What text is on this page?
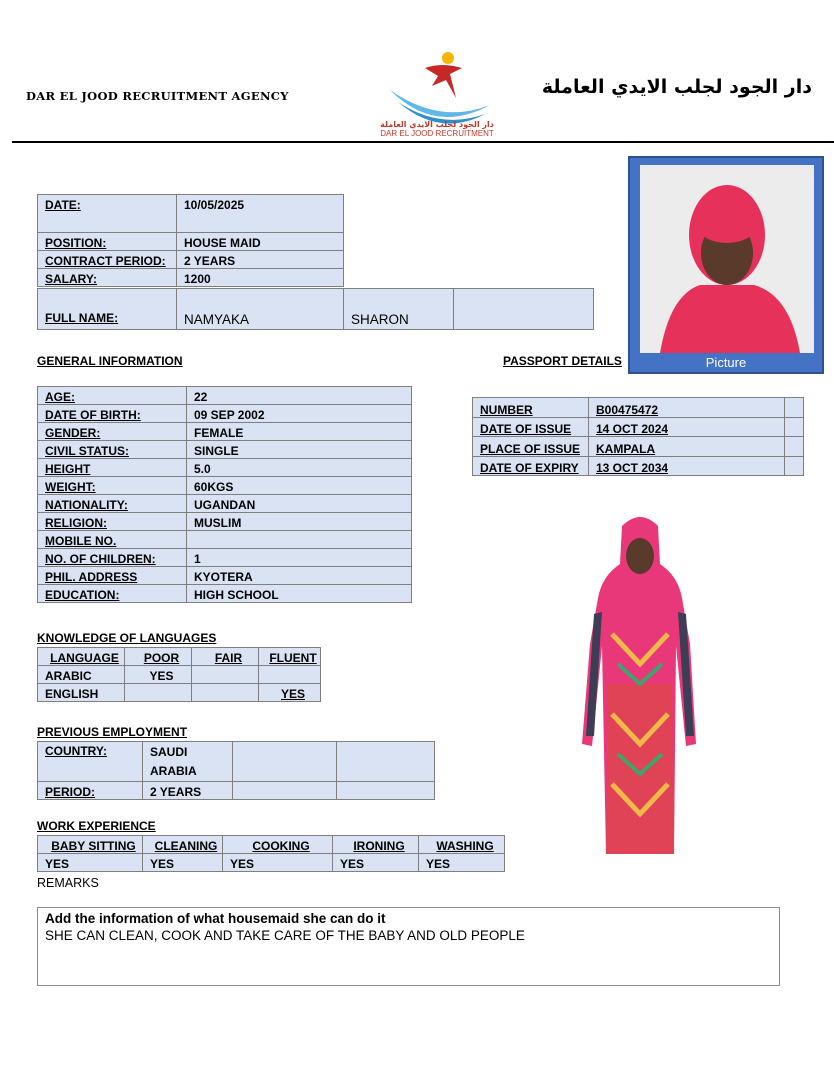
DAR EL JOOD RECRUITMENT AGENCY	دار الجود لجلب الايدي العاملة
دار الجود لجلب الايدي العاملة
DAR EL JOOD RECRUITMENT
DATE:	10/05/2025
POSITION:	HOUSE MAID
CONTRACT PERIOD:	2 YEARS
SALARY:	1200
FULL NAME:	NAMYAKA	SHARON	
Picture
GENERAL INFORMATION
AGE:	22
DATE OF BIRTH:	09 SEP 2002
GENDER:	FEMALE
CIVIL STATUS:	SINGLE
HEIGHT	5.0
WEIGHT:	60KGS
NATIONALITY:	UGANDAN
RELIGION:	MUSLIM
MOBILE NO.	
NO. OF CHILDREN:	1
PHIL. ADDRESS	KYOTERA
EDUCATION:	HIGH SCHOOL
PASSPORT DETAILS
NUMBER	B00475472	
DATE OF ISSUE	14 OCT 2024	
PLACE OF ISSUE	KAMPALA	
DATE OF EXPIRY	13 OCT 2034	
KNOWLEDGE OF LANGUAGES
LANGUAGE	POOR	FAIR	FLUENT
ARABIC	YES		
ENGLISH			YES
PREVIOUS EMPLOYMENT
COUNTRY:	SAUDI ARABIA		
PERIOD:	2 YEARS		
WORK EXPERIENCE
BABY SITTING	CLEANING	COOKING	IRONING	WASHING
YES	YES	YES	YES	YES
REMARKS
Add the information of what housemaid she can do it
SHE CAN CLEAN, COOK AND TAKE CARE OF THE BABY AND OLD PEOPLE
